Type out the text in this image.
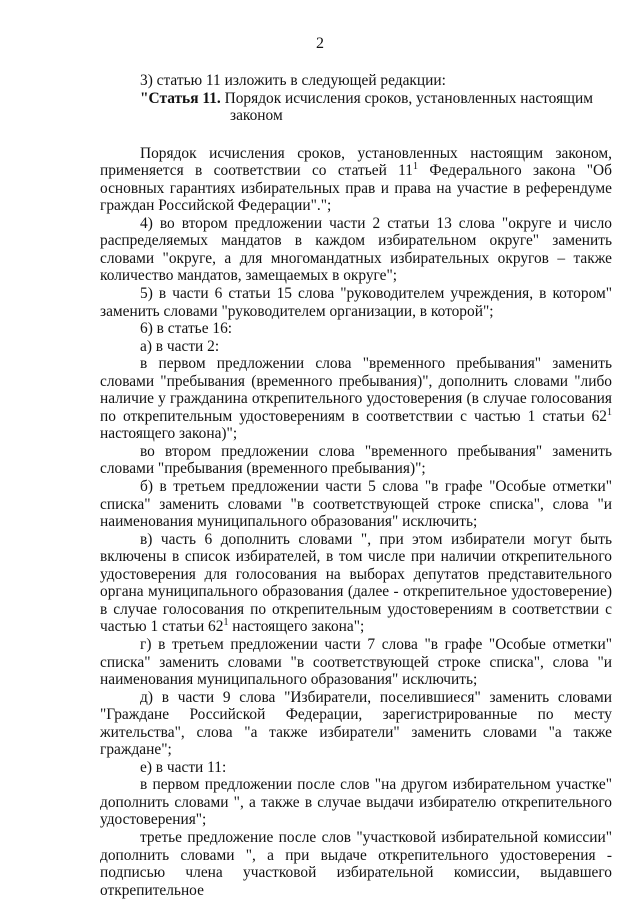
2

3) статью 11 изложить в следующей редакции:

"Статья 11. Порядок исчисления сроков, установленных настоящим
законом

Порядок исчисления сроков, установленных настоящим законом, применяется в соответствии со статьей $11^1$ Федерального закона "Об основных гарантиях избирательных прав и права на участие в референдуме граждан Российской Федерации".";

4) во втором предложении части 2 статьи 13 слова "округе и число распределяемых мандатов в каждом избирательном округе" заменить словами "округе, а для многомандатных избирательных округов – также количество мандатов, замещаемых в округе";

5) в части 6 статьи 15 слова "руководителем учреждения, в котором" заменить словами "руководителем организации, в которой";

6) в статье 16:

а) в части 2:

в первом предложении слова "временного пребывания" заменить словами "пребывания (временного пребывания)", дополнить словами "либо наличие у гражданина открепительного удостоверения (в случае голосования по открепительным удостоверениям в соответствии с частью 1 статьи $62^1$ настоящего закона)";

во втором предложении слова "временного пребывания" заменить словами "пребывания (временного пребывания)";

б) в третьем предложении части 5 слова "в графе "Особые отметки" списка" заменить словами "в соответствующей строке списка", слова "и наименования муниципального образования" исключить;

в) часть 6 дополнить словами ", при этом избиратели могут быть включены в список избирателей, в том числе при наличии открепительного удостоверения для голосования на выборах депутатов представительного органа муниципального образования (далее - открепительное удостоверение) в случае голосования по открепительным удостоверениям в соответствии с частью 1 статьи $62^1$ настоящего закона";

г) в третьем предложении части 7 слова "в графе "Особые отметки" списка" заменить словами "в соответствующей строке списка", слова "и наименования муниципального образования" исключить;

д) в части 9 слова "Избиратели, поселившиеся" заменить словами "Граждане Российской Федерации, зарегистрированные по месту жительства", слова "а также избиратели" заменить словами "а также граждане";

е) в части 11:

в первом предложении после слов "на другом избирательном участке" дополнить словами ", а также в случае выдачи избирателю открепительного удостоверения";

третье предложение после слов "участковой избирательной комиссии" дополнить словами ", а при выдаче открепительного удостоверения - подписью члена участковой избирательной комиссии, выдавшего открепительное
